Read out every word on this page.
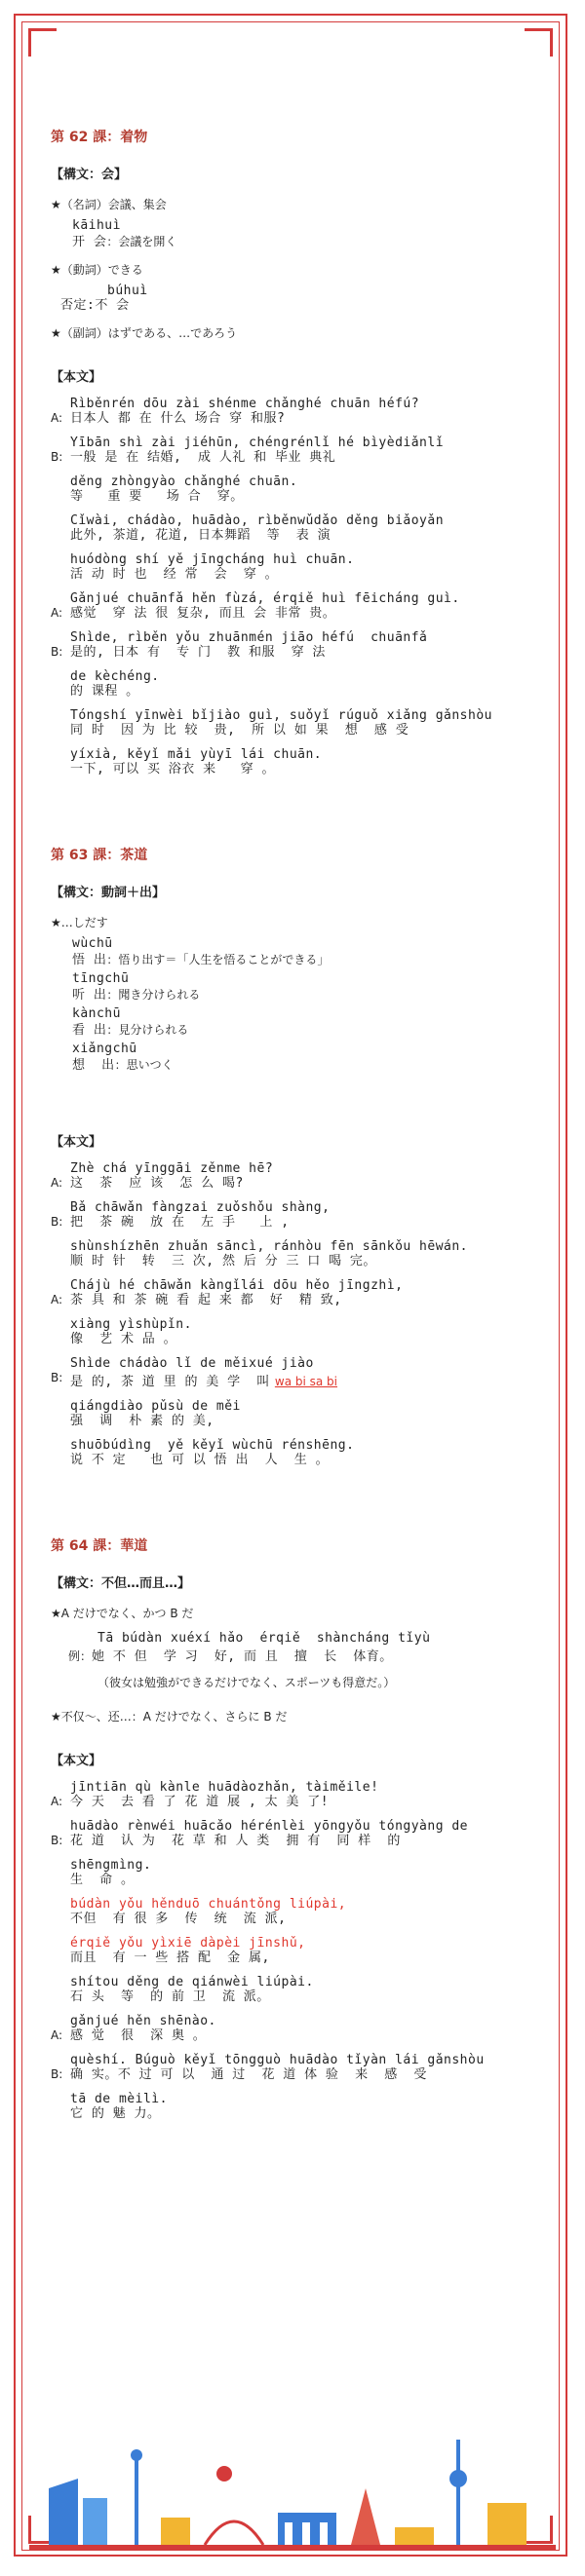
第 62 課：着物
【構文：会】
★（名詞）会議、集会
kāihuì
开 会：会議を開く
★（動詞）できる
búhuì
否定:不 会
★（副詞）はずである、…であろう
【本文】
A:
Rìběnrén dōu zài shénme chǎnghé chuān héfú?
日本人 都 在 什么 场合 穿 和服?
B:
Yībān shì zài jiéhūn, chéngrénlǐ hé bìyèdiǎnlǐ
一般 是 在 结婚,  成 人礼 和 毕业 典礼
děng zhòngyào chǎnghé chuān.
等   重 要   场 合  穿。
Cǐwài, chádào, huādào, rìběnwǔdǎo děng biǎoyǎn
此外, 茶道, 花道, 日本舞蹈  等  表 演
huódòng shí yě jīngcháng huì chuān.
活 动 时 也  经 常  会  穿 。
A:
Gǎnjué chuānfǎ hěn fùzá, érqiě huì fēicháng guì.
感觉  穿 法 很 复杂, 而且 会 非常 贵。
B:
Shìde, rìběn yǒu zhuānmén jiāo héfú  chuānfǎ
是的, 日本 有  专 门  教 和服  穿 法
de kèchéng.
的 课程 。
Tóngshí yīnwèi bǐjiào guì, suǒyǐ rúguǒ xiǎng gǎnshòu
同 时  因 为 比 较  贵,  所 以 如 果  想  感 受
yíxià, kěyǐ mǎi yùyī lái chuān.
一下, 可以 买 浴衣 来   穿 。
第 63 課：茶道
【構文：動詞＋出】
★…しだす
wùchū
悟 出：悟り出す＝「人生を悟ることができる」
tīngchū
听 出：聞き分けられる
kànchū
看 出：見分けられる
xiǎngchū
想  出：思いつく
【本文】
A:
Zhè chá yīnggāi zěnme hē?
这  茶  应 该  怎 么 喝?
B:
Bǎ chāwǎn fàngzai zuǒshǒu shàng,
把  茶 碗  放 在  左 手   上 ,
shùnshízhēn zhuǎn sāncì, ránhòu fēn sānkǒu hēwán.
顺 时 针  转  三 次, 然 后 分 三 口 喝 完。
A:
Chájù hé chāwǎn kàngǐlái dōu hěo jīngzhì,
茶 具 和 茶 碗 看 起 来 都  好  精 致,
xiàng yìshùpǐn.
像  艺 术 品 。
B:
Shìde chádào lǐ de měixué jiào
是 的, 茶 道 里 的 美 学  叫 wa bi sa bi
qiángdiào pǔsù de měi
强  调  朴 素 的 美,
shuōbúdìng  yě kěyǐ wùchū rénshēng.
说 不 定   也 可 以 悟 出  人  生 。
第 64 課：華道
【構文：不但…而且…】
★A だけでなく、かつ B だ
Tā búdàn xuéxí hǎo  érqiě  shàncháng tǐyù
例：她 不 但  学 习  好, 而 且  擅  长  体育。
（彼女は勉強ができるだけでなく、スポーツも得意だ。）
★不仅～、还…：A だけでなく、さらに B だ
【本文】
A:
jīntiān qù kànle huādàozhǎn, tàiměile!
今 天  去 看 了 花 道 展 , 太 美 了!
B:
huādào rènwéi huācǎo hérénlèi yōngyǒu tóngyàng de
花 道  认 为  花 草 和 人 类  拥 有  同 样  的
shēngmìng.
生  命 。
búdàn yǒu hěnduō chuántǒng liúpài,
不但  有 很 多  传  统  流 派,
érqiě yǒu yìxiē dàpèi jīnshǔ,
而且  有 一 些 搭 配  金 属,
shítou děng de qiánwèi liúpài.
石 头  等  的 前 卫  流 派。
A:
gǎnjué hěn shēnào.
感 觉  很  深 奥 。
B:
quèshí. Búguò kěyǐ tōngguò huādào tǐyàn lái gǎnshòu
确 实。不 过 可 以  通 过  花 道 体 验  来  感  受
tā de mèilì.
它 的 魅 力。
